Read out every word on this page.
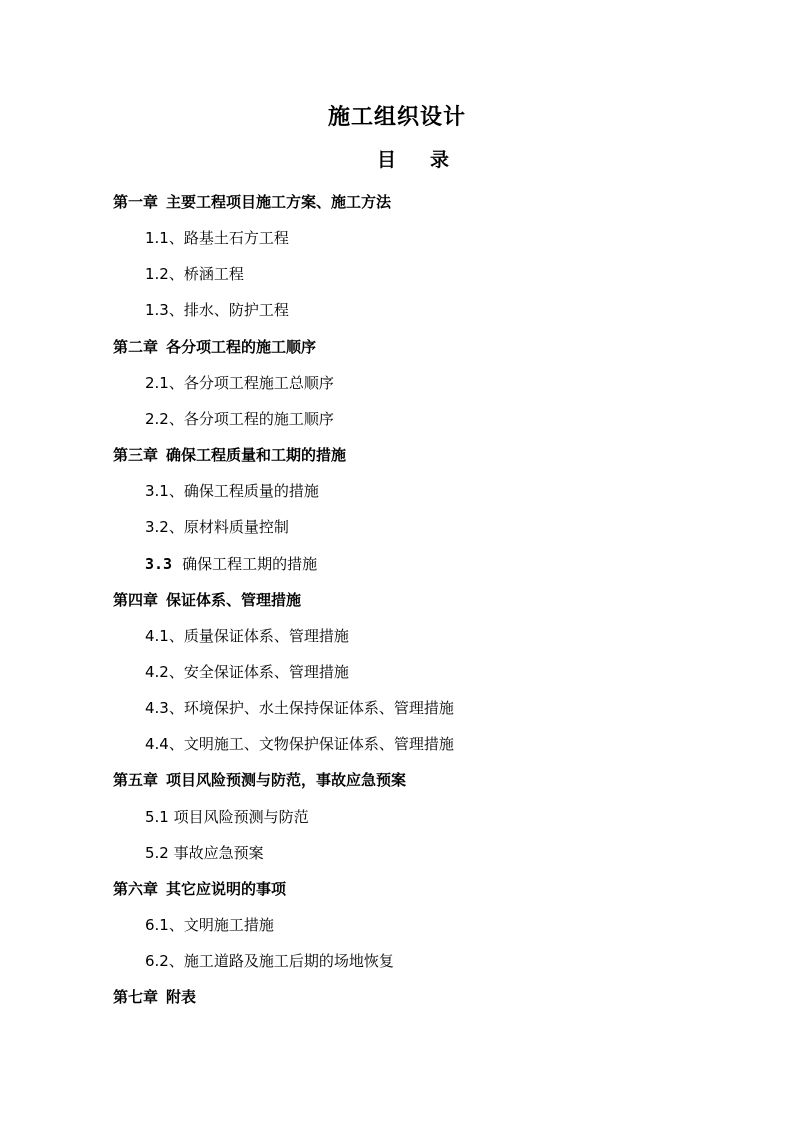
施工组织设计
目 录
第一章 主要工程项目施工方案、施工方法
1.1、路基土石方工程
1.2、桥涵工程
1.3、排水、防护工程
第二章 各分项工程的施工顺序
2.1、各分项工程施工总顺序
2.2、各分项工程的施工顺序
第三章 确保工程质量和工期的措施
3.1、确保工程质量的措施
3.2、原材料质量控制
3.3 确保工程工期的措施
第四章 保证体系、管理措施
4.1、质量保证体系、管理措施
4.2、安全保证体系、管理措施
4.3、环境保护、水土保持保证体系、管理措施
4.4、文明施工、文物保护保证体系、管理措施
第五章 项目风险预测与防范，事故应急预案
5.1 项目风险预测与防范
5.2 事故应急预案
第六章 其它应说明的事项
6.1、文明施工措施
6.2、施工道路及施工后期的场地恢复
第七章 附表
